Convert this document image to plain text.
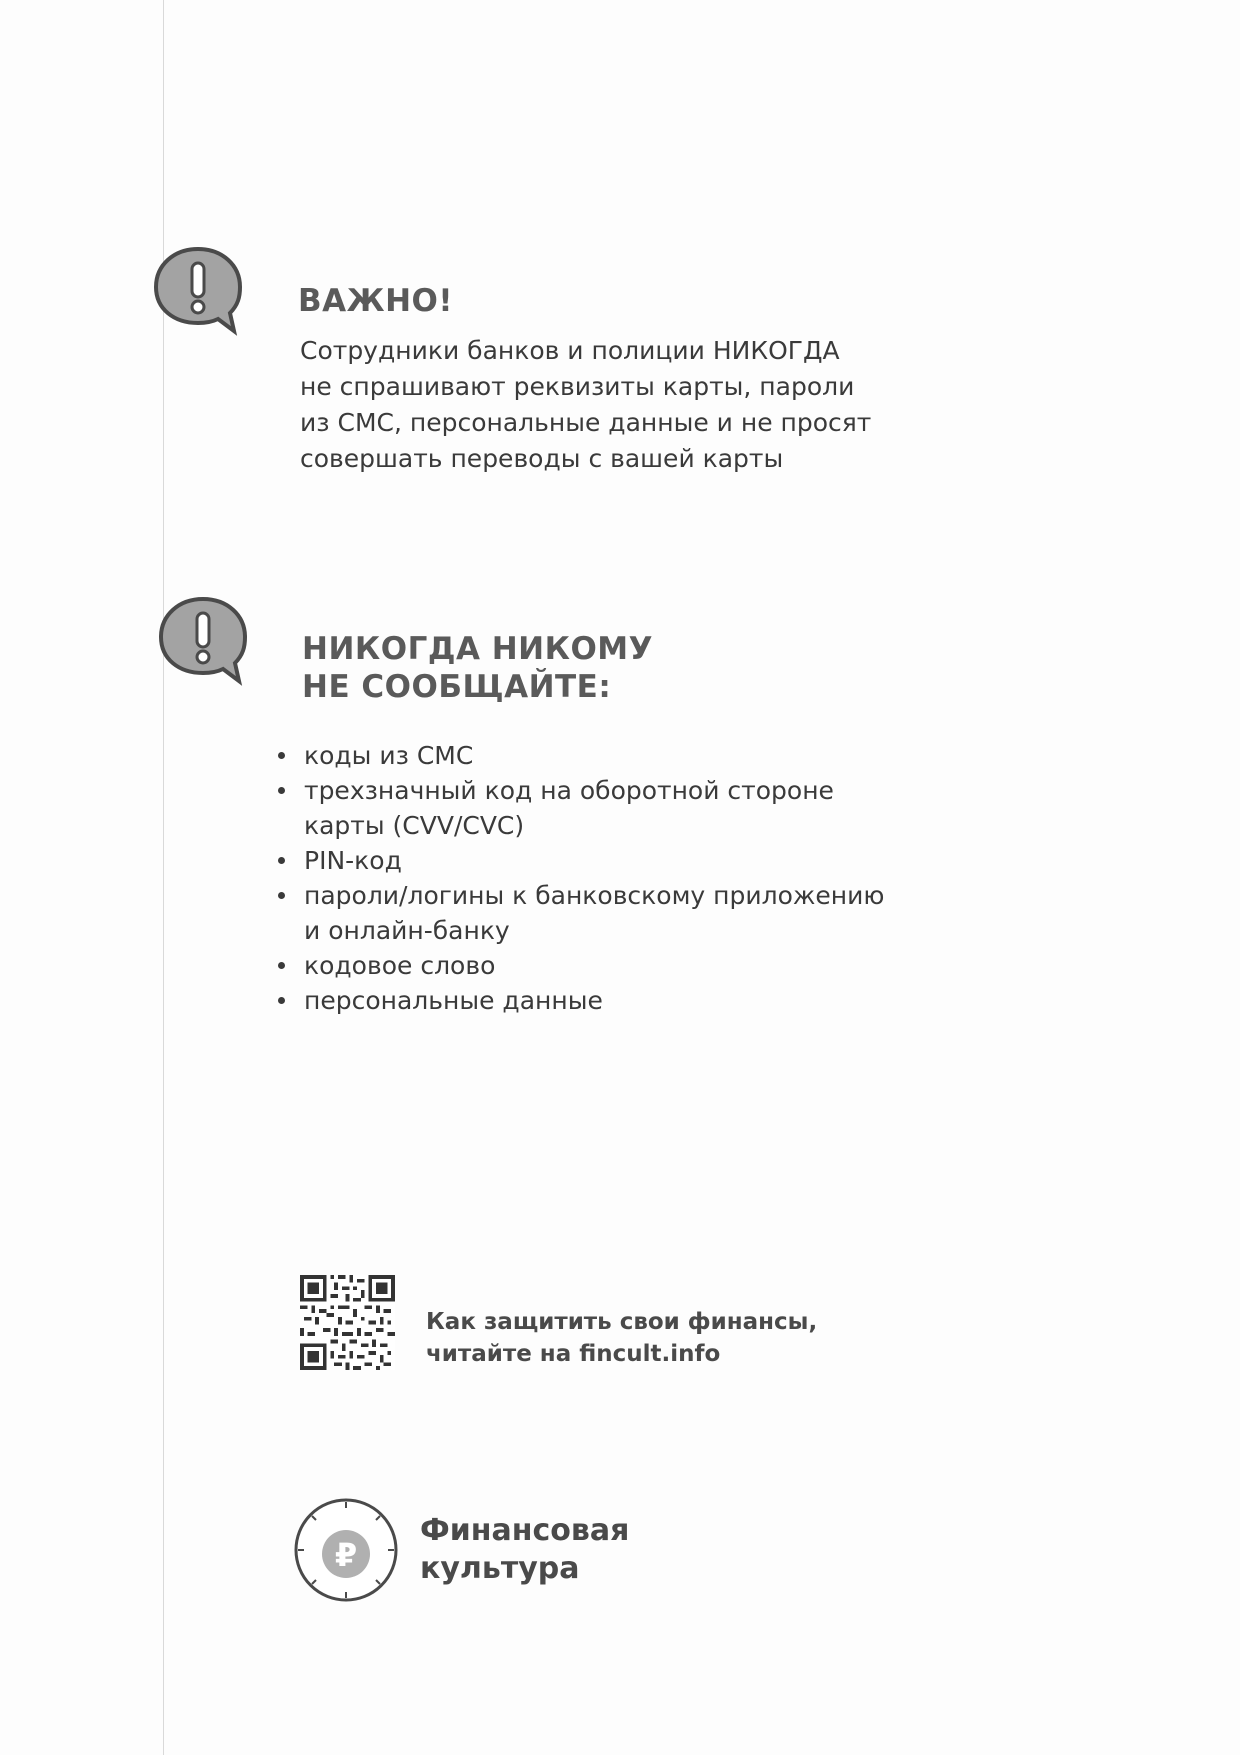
ВАЖНО!

Сотрудники банков и полиции НИКОГДА
не спрашивают реквизиты карты, пароли
из СМС, персональные данные и не просят
совершать переводы с вашей карты

НИКОГДА НИКОМУ
НЕ СООБЩАЙТЕ:
коды из СМС
трехзначный код на оборотной стороне
карты (CVV/CVC)
PIN-код
пароли/логины к банковскому приложению
и онлайн-банку
кодовое слово
персональные данные

Как защитить свои финансы,
читайте на fincult.info

₽

Финансовая
культура
